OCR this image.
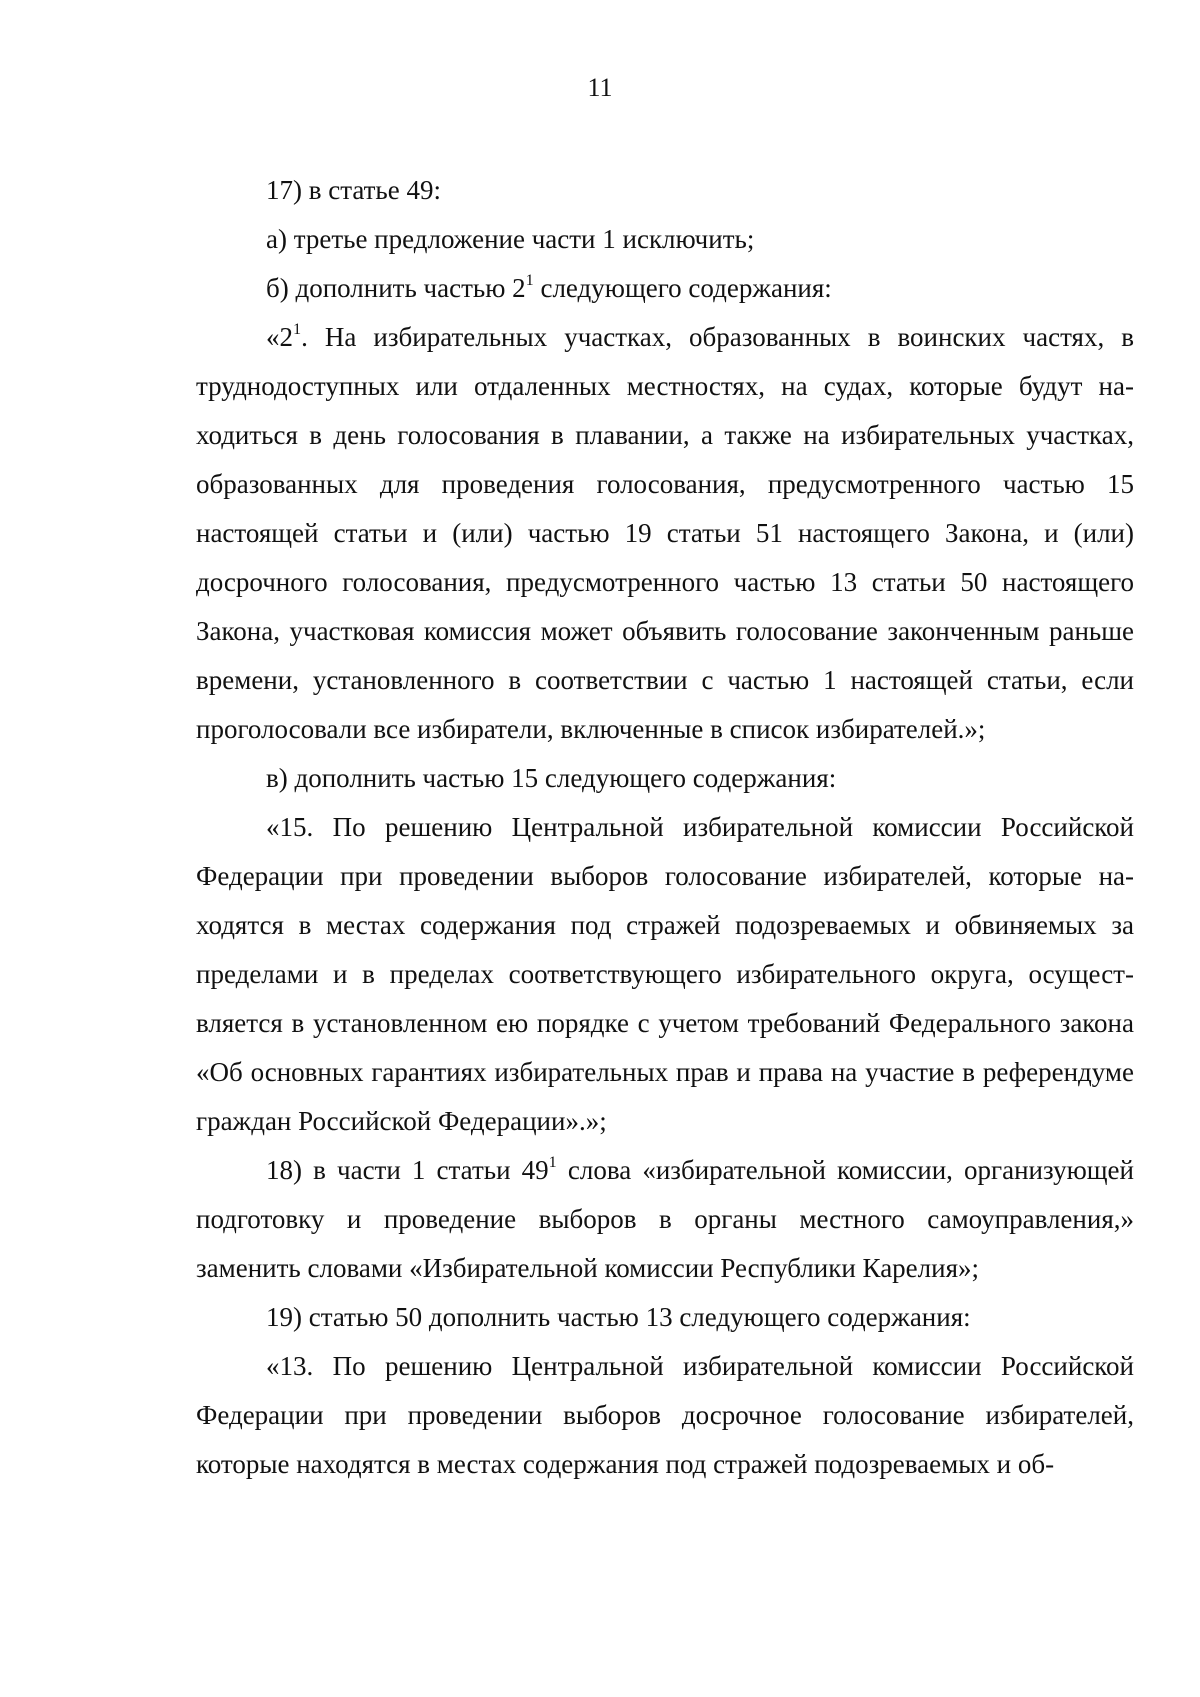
11

17) в статье 49:

а) третье предложение части 1 исключить;

б) дополнить частью $2^1$ следующего содержания:

«$2^1$. На избирательных участках, образованных в воинских частях, в труднодоступных или отдаленных местностях, на судах, которые будут находиться в день голосования в плавании, а также на избирательных участках, образованных для проведения голосования, предусмотренного частью 15 настоящей статьи и (или) частью 19 статьи 51 настоящего Закона, и (или) досрочного голосования, предусмотренного частью 13 статьи 50 настоящего Закона, участковая комиссия может объявить голосование законченным раньше времени, установленного в соответствии с частью 1 настоящей статьи, если проголосовали все избиратели, включенные в список избирателей.»;

в) дополнить частью 15 следующего содержания:

«15. По решению Центральной избирательной комиссии Российской Федерации при проведении выборов голосование избирателей, которые находятся в местах содержания под стражей подозреваемых и обвиняемых за пределами и в пределах соответствующего избирательного округа, осуществляется в установленном ею порядке с учетом требований Федерального закона «Об основных гарантиях избирательных прав и права на участие в референдуме граждан Российской Федерации».»;

18) в части 1 статьи $49^1$ слова «избирательной комиссии, организующей подготовку и проведение выборов в органы местного самоуправления,» заменить словами «Избирательной комиссии Республики Карелия»;

19) статью 50 дополнить частью 13 следующего содержания:

«13. По решению Центральной избирательной комиссии Российской Федерации при проведении выборов досрочное голосование избирателей, которые находятся в местах содержания под стражей подозреваемых и об-
